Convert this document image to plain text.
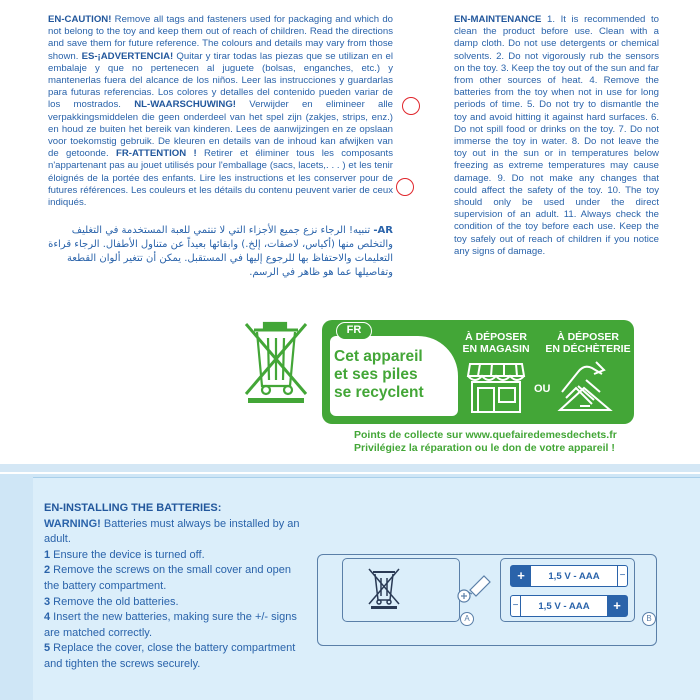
EN-CAUTION! Remove all tags and fasteners used for packaging and which do not belong to the toy and keep them out of reach of children. Read the directions and save them for future reference. The colours and details may vary from those shown. ES-¡ADVERTENCIA! Quitar y tirar todas las piezas que se utilizan en el embalaje y que no pertenecen al juguete (bolsas, enganches, etc.) y mantenerlas fuera del alcance de los niños. Leer las instrucciones y guardarlas para futuras referencias. Los colores y detalles del contenido pueden variar de los mostrados. NL-WAARSCHUWING! Verwijder en elimineer alle verpakkingsmiddelen die geen onderdeel van het spel zijn (zakjes, strips, enz.) en houd ze buiten het bereik van kinderen. Lees de aanwijzingen en ze opslaan voor toekomstig gebruik. De kleuren en details van de inhoud kan afwijken van de getoonde. FR-ATTENTION ! Retirer et éliminer tous les composants n'appartenant pas au jouet utilisés pour l'emballage (sacs, lacets,. . . ) et les tenir éloignés de la portée des enfants. Lire les instructions et les conserver pour de futures références. Les couleurs et les détails du contenu peuvent varier de ceux indiqués.
AR- تنبيه! الرجاء نزع جميع الأجزاء التي لا تنتمي للعبة المستخدمة في التغليف والتخلص منها (أكياس، لاصقات، إلخ.) وابقائها بعيداً عن متناول الأطفال. الرجاء قراءة التعليمات والاحتفاظ بها للرجوع إليها في المستقبل. يمكن أن تتغير ألوان القطعة وتفاصيلها عما هو ظاهر في الرسم.
EN-MAINTENANCE 1. It is recommended to clean the product before use. Clean with a damp cloth. Do not use detergents or chemical solvents. 2. Do not vigorously rub the sensors on the toy. 3. Keep the toy out of the sun and far from other sources of heat. 4. Remove the batteries from the toy when not in use for long periods of time. 5. Do not try to dismantle the toy and avoid hitting it against hard surfaces. 6. Do not spill food or drinks on the toy. 7. Do not immerse the toy in water. 8. Do not leave the toy out in the sun or in temperatures below freezing as extreme temperatures may cause damage. 9. Do not make any changes that could affect the safety of the toy. 10. The toy should only be used under the direct supervision of an adult. 11. Always check the condition of the toy before each use. Keep the toy safely out of reach of children if you notice any signs of damage.
FR
Cet appareil
et ses piles
se recyclent
À DÉPOSER
EN MAGASIN
À DÉPOSER
EN DÉCHÈTERIE
OU
Points de collecte sur www.quefairedemesdechets.fr
Privilégiez la réparation ou le don de votre appareil !
EN-INSTALLING THE BATTERIES:
WARNING! Batteries must always be installed by an adult.
1 Ensure the device is turned off.
2 Remove the screws on the small cover and open the battery compartment.
3 Remove the old batteries.
4 Insert the new batteries, making sure the +/- signs are matched correctly.
5 Replace the cover, close the battery compartment and tighten the screws securely.
+	1,5 V - AAA	−
−	1,5 V - AAA	+
A	B
